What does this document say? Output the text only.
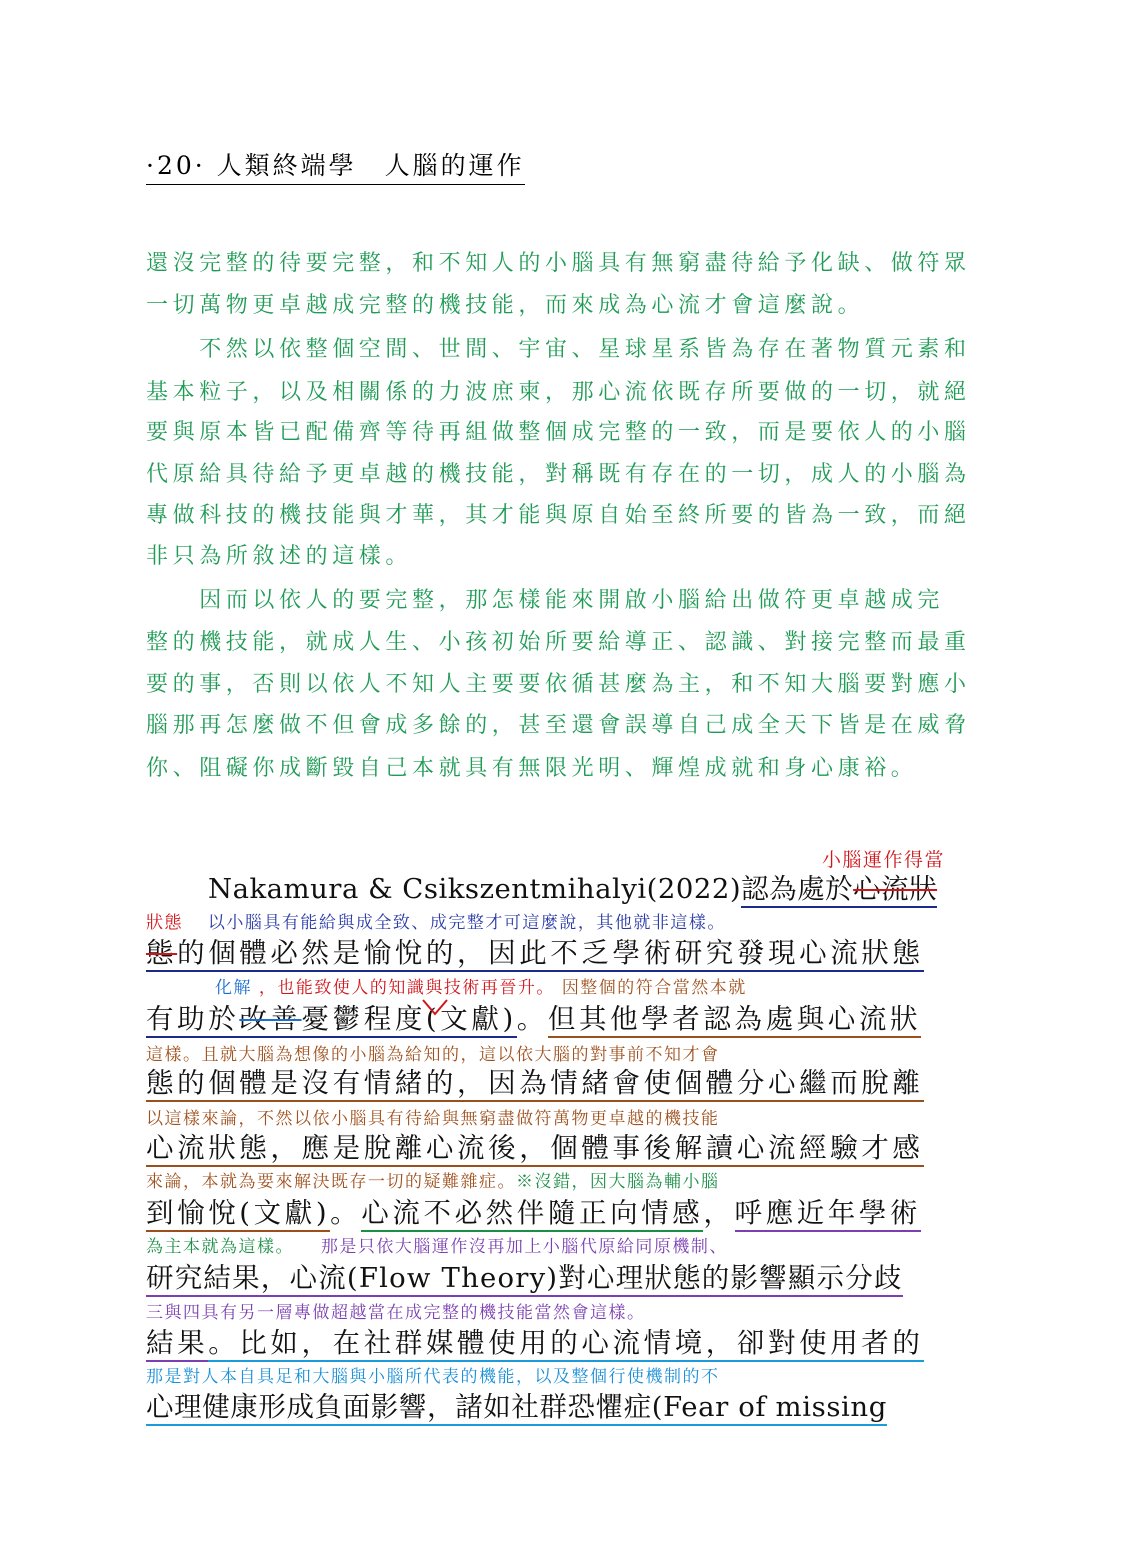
·20· 人類終端學　人腦的運作
還沒完整的待要完整，和不知人的小腦具有無窮盡待給予化缺、做符眾
一切萬物更卓越成完整的機技能，而來成為心流才會這麼說。
　　不然以依整個空間、世間、宇宙、星球星系皆為存在著物質元素和
基本粒子，以及相關係的力波庶柬，那心流依既存所要做的一切，就絕
要與原本皆已配備齊等待再組做整個成完整的一致，而是要依人的小腦
代原給具待給予更卓越的機技能，對稱既有存在的一切，成人的小腦為
專做科技的機技能與才華，其才能與原自始至終所要的皆為一致，而絕
非只為所敘述的這樣。
　　因而以依人的要完整，那怎樣能來開啟小腦給出做符更卓越成完
整的機技能，就成人生、小孩初始所要給導正、認識、對接完整而最重
要的事，否則以依人不知人主要要依循甚麼為主，和不知大腦要對應小
腦那再怎麼做不但會成多餘的，甚至還會誤導自己成全天下皆是在威脅
你、阻礙你成斷毀自己本就具有無限光明、輝煌成就和身心康裕。
小腦運作得當
Nakamura & Csikszentmihalyi(2022)認為處於心流狀
狀態 以小腦具有能給與成全致、成完整才可這麼說，其他就非這樣。
態的個體必然是愉悅的，因此不乏學術研究發現心流狀態
化解 ，也能致使人的知識與技術再晉升。 因整個的符合當然本就
有助於改善憂鬱程度(文獻)。但其他學者認為處與心流狀
這樣。且就大腦為想像的小腦為給知的，這以依大腦的對事前不知才會
態的個體是沒有情緒的，因為情緒會使個體分心繼而脫離
以這樣來論，不然以依小腦具有待給與無窮盡做符萬物更卓越的機技能
心流狀態，應是脫離心流後，個體事後解讀心流經驗才感
來論，本就為要來解決既存一切的疑難雜症。※沒錯，因大腦為輔小腦
到愉悅(文獻)。心流不必然伴隨正向情感，呼應近年學術
為主本就為這樣。 那是只依大腦運作沒再加上小腦代原給同原機制、
研究結果，心流(Flow Theory)對心理狀態的影響顯示分歧
三與四具有另一層專做超越當在成完整的機技能當然會這樣。
結果。比如，在社群媒體使用的心流情境，卻對使用者的
那是對人本自具足和大腦與小腦所代表的機能，以及整個行使機制的不
心理健康形成負面影響，諸如社群恐懼症(Fear of missing
